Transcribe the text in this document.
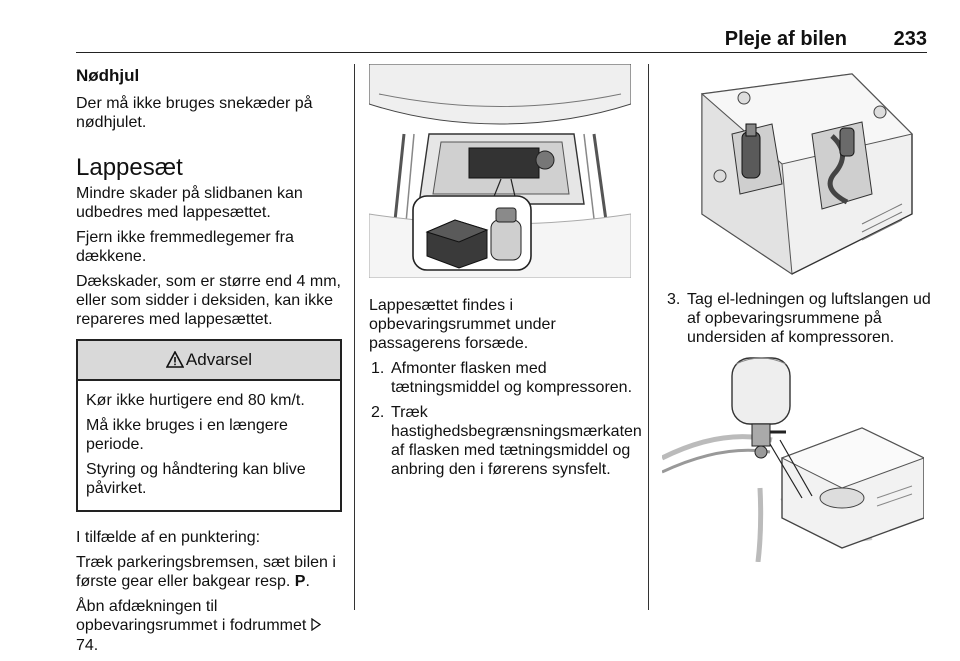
Pleje af bilen 233
Nødhjul

Der må ikke bruges snekæder på nødhjulet.

Lappesæt

Mindre skader på slidbanen kan udbedres med lappesættet.

Fjern ikke fremmedlegemer fra dækkene.

Dækskader, som er større end 4 mm, eller som sidder i deksiden, kan ikke repareres med lappesættet.

Advarsel

Kør ikke hurtigere end 80 km/t.

Må ikke bruges i en længere periode.

Styring og håndtering kan blive påvirket.

I tilfælde af en punktering:

Træk parkeringsbremsen, sæt bilen i første gear eller bakgear resp. P.

Åbn afdækningen til opbevaringsrummet i fodrummet  74.

Lappesættet findes i opbevaringsrummet under passagerens forsæde.

1. Afmonter flasken med tætningsmiddel og kompressoren.
2. Træk hastighedsbegrænsningsmærkaten af flasken med tætningsmiddel og anbring den i førerens synsfelt.
3. Tag el-ledningen og luftslangen ud af opbevaringsrummene på undersiden af kompressoren.
